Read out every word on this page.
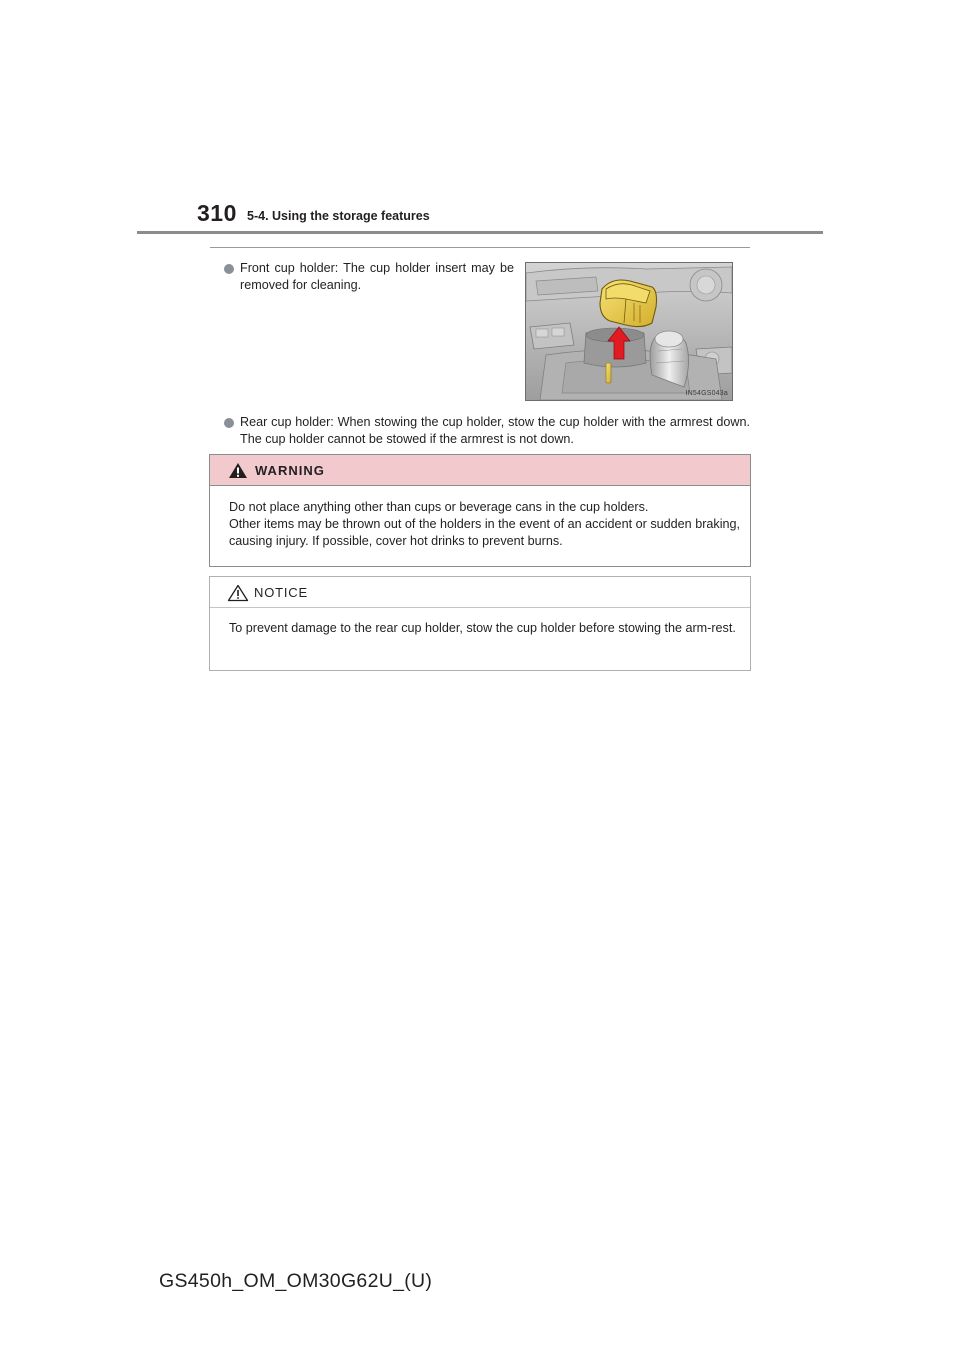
310 5-4. Using the storage features
Front cup holder: The cup holder insert may be removed for cleaning.
IN54GS043a
Rear cup holder: When stowing the cup holder, stow the cup holder with the armrest down. The cup holder cannot be stowed if the armrest is not down.
WARNING

Do not place anything other than cups or beverage cans in the cup holders.

Other items may be thrown out of the holders in the event of an accident or sudden braking, causing injury. If possible, cover hot drinks to prevent burns.

NOTICE

To prevent damage to the rear cup holder, stow the cup holder before stowing the arm-rest.

GS450h_OM_OM30G62U_(U)
